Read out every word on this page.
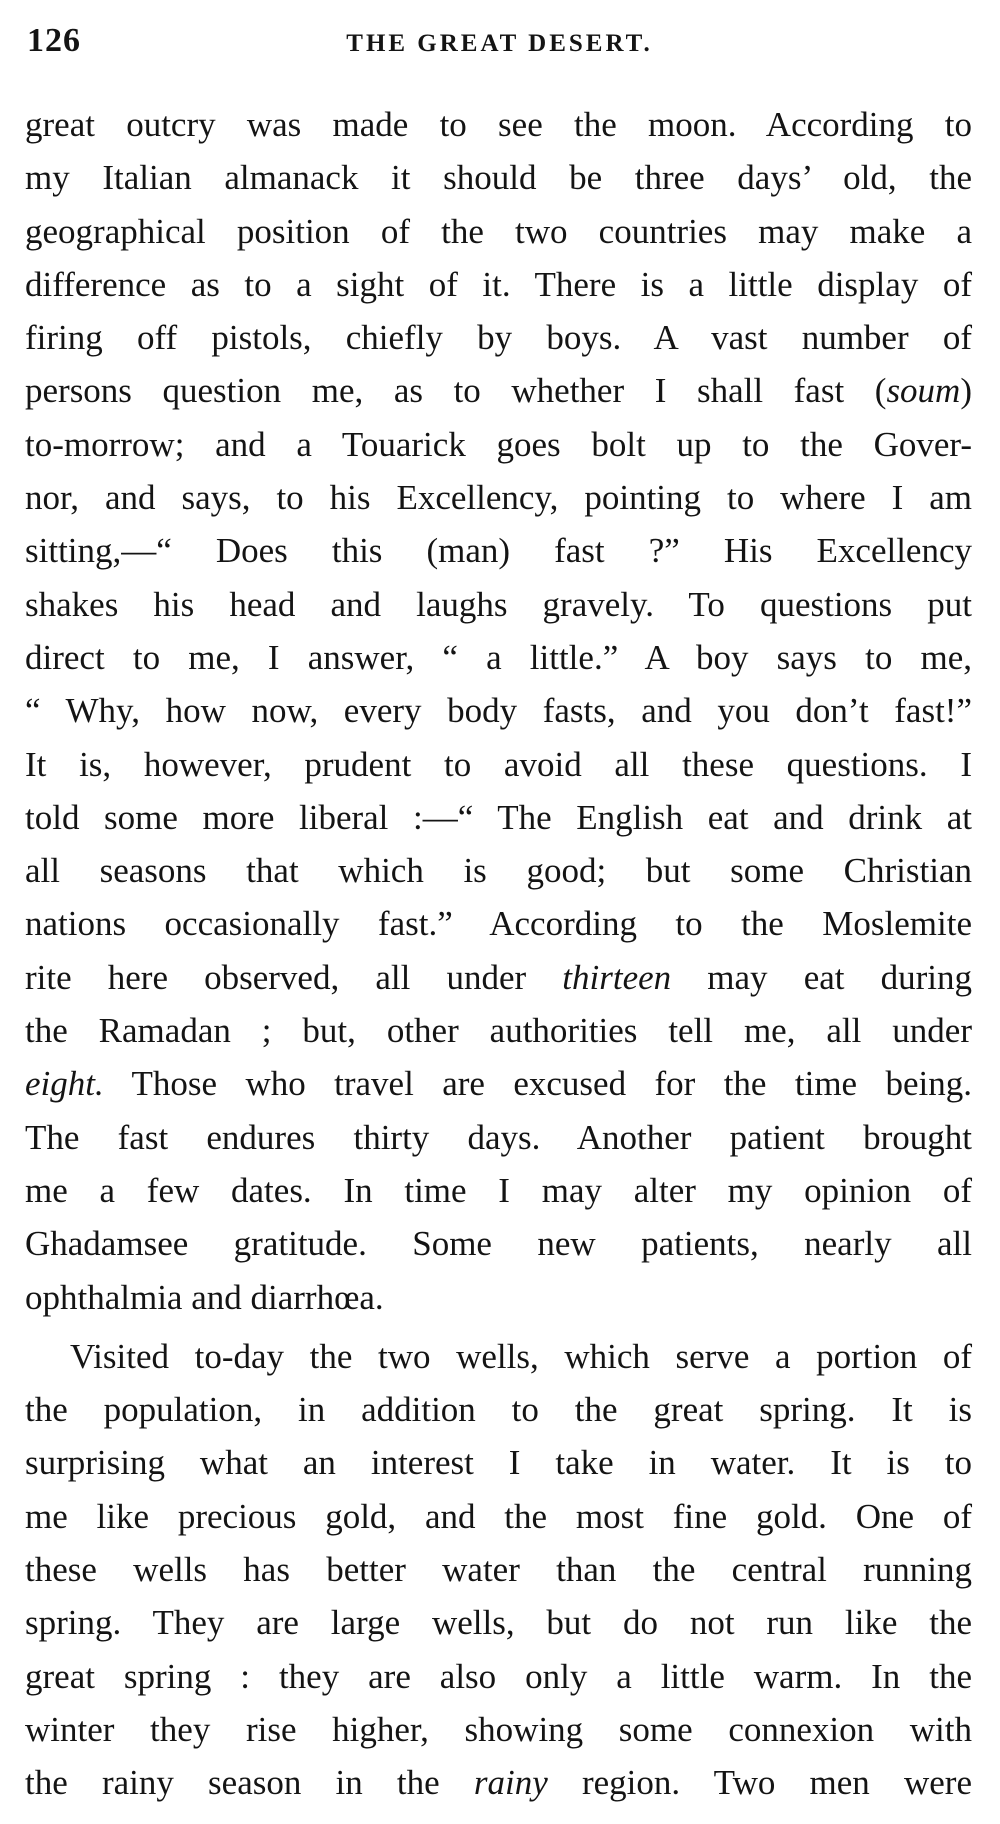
126	THE GREAT DESERT.
great outcry was made to see the moon. According to
my Italian almanack it should be three days’ old, the
geographical position of the two countries may make a
difference as to a sight of it. There is a little display of
firing off pistols, chiefly by boys. A vast number of
persons question me, as to whether I shall fast (soum)
to-morrow; and a Touarick goes bolt up to the Gover-
nor, and says, to his Excellency, pointing to where I am
sitting,—“ Does this (man) fast ?” His Excellency
shakes his head and laughs gravely. To questions put
direct to me, I answer, “ a little.” A boy says to me,
“ Why, how now, every body fasts, and you don’t fast!”
It is, however, prudent to avoid all these questions. I
told some more liberal :—“ The English eat and drink at
all seasons that which is good; but some Christian
nations occasionally fast.” According to the Moslemite
rite here observed, all under thirteen may eat during
the Ramadan ; but, other authorities tell me, all under
eight. Those who travel are excused for the time being.
The fast endures thirty days. Another patient brought
me a few dates. In time I may alter my opinion of
Ghadamsee gratitude. Some new patients, nearly all
ophthalmia and diarrhœa.
Visited to-day the two wells, which serve a portion of
the population, in addition to the great spring. It is
surprising what an interest I take in water. It is to
me like precious gold, and the most fine gold. One of
these wells has better water than the central running
spring. They are large wells, but do not run like the
great spring : they are also only a little warm. In the
winter they rise higher, showing some connexion with
the rainy season in the rainy region. Two men were
